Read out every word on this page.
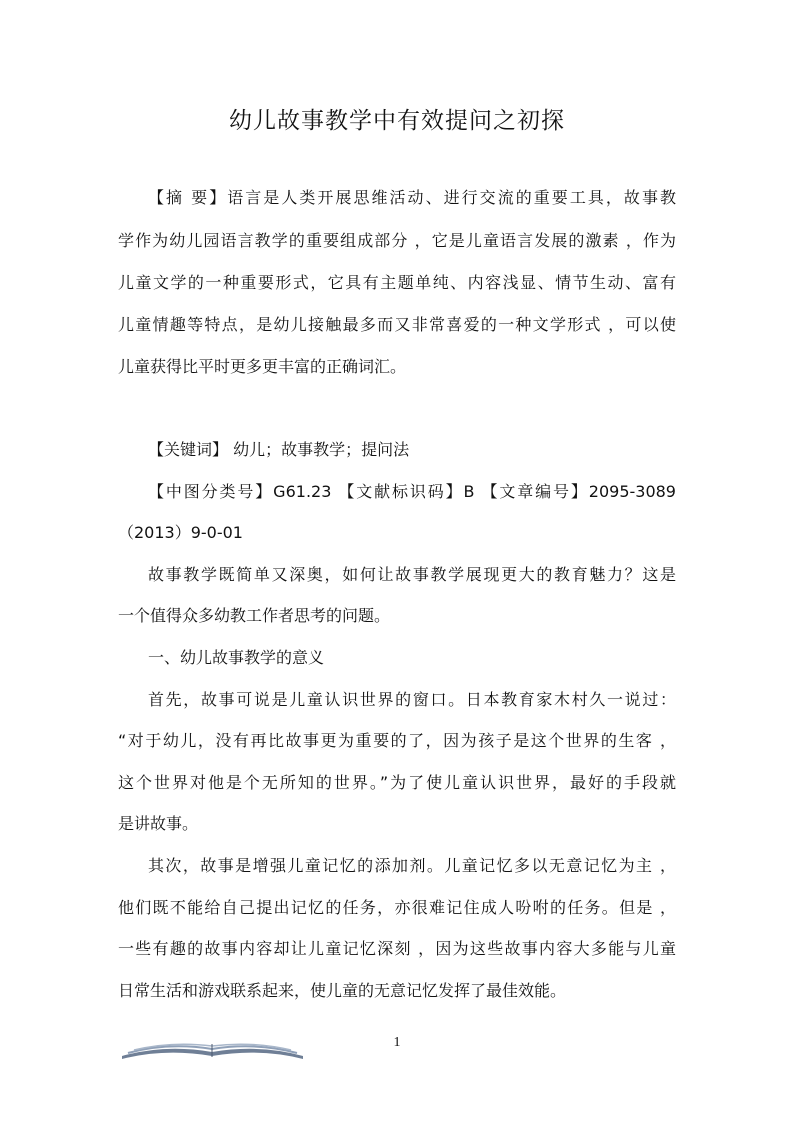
幼儿故事教学中有效提问之初探
【摘 要】语言是人类开展思维活动、进行交流的重要工具，故事教
学作为幼儿园语言教学的重要组成部分 ，它是儿童语言发展的激素 ，作为
儿童文学的一种重要形式，它具有主题单纯、内容浅显、情节生动、富有
儿童情趣等特点，是幼儿接触最多而又非常喜爱的一种文学形式 ，可以使
儿童获得比平时更多更丰富的正确词汇。
【关键词】 幼儿；故事教学；提问法
【中图分类号】G61.23 【文献标识码】B 【文章编号】2095-3089
（2013）9-0-01
故事教学既简单又深奥，如何让故事教学展现更大的教育魅力？这是
一个值得众多幼教工作者思考的问题。
一、幼儿故事教学的意义
首先，故事可说是儿童认识世界的窗口。日本教育家木村久一说过：
“对于幼儿，没有再比故事更为重要的了，因为孩子是这个世界的生客 ，
这个世界对他是个无所知的世界。”为了使儿童认识世界，最好的手段就
是讲故事。
其次，故事是增强儿童记忆的添加剂。儿童记忆多以无意记忆为主 ，
他们既不能给自己提出记忆的任务，亦很难记住成人吩咐的任务。但是 ，
一些有趣的故事内容却让儿童记忆深刻 ，因为这些故事内容大多能与儿童
日常生活和游戏联系起来，使儿童的无意记忆发挥了最佳效能。
1
